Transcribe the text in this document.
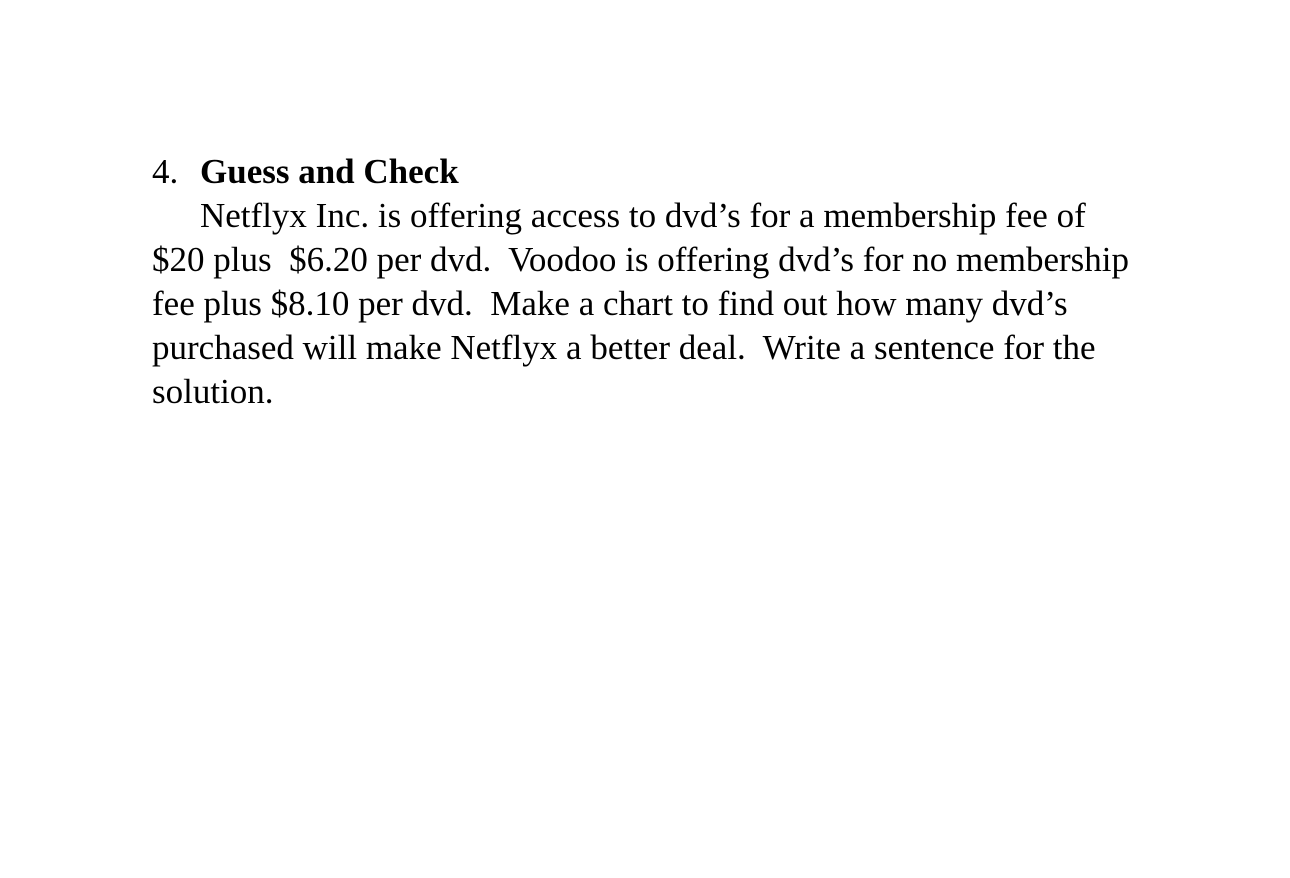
4. Guess and Check
Netflyx Inc. is offering access to dvd’s for a membership fee of
$20 plus  $6.20 per dvd.  Voodoo is offering dvd’s for no membership
fee plus $8.10 per dvd.  Make a chart to find out how many dvd’s
purchased will make Netflyx a better deal.  Write a sentence for the
solution.
